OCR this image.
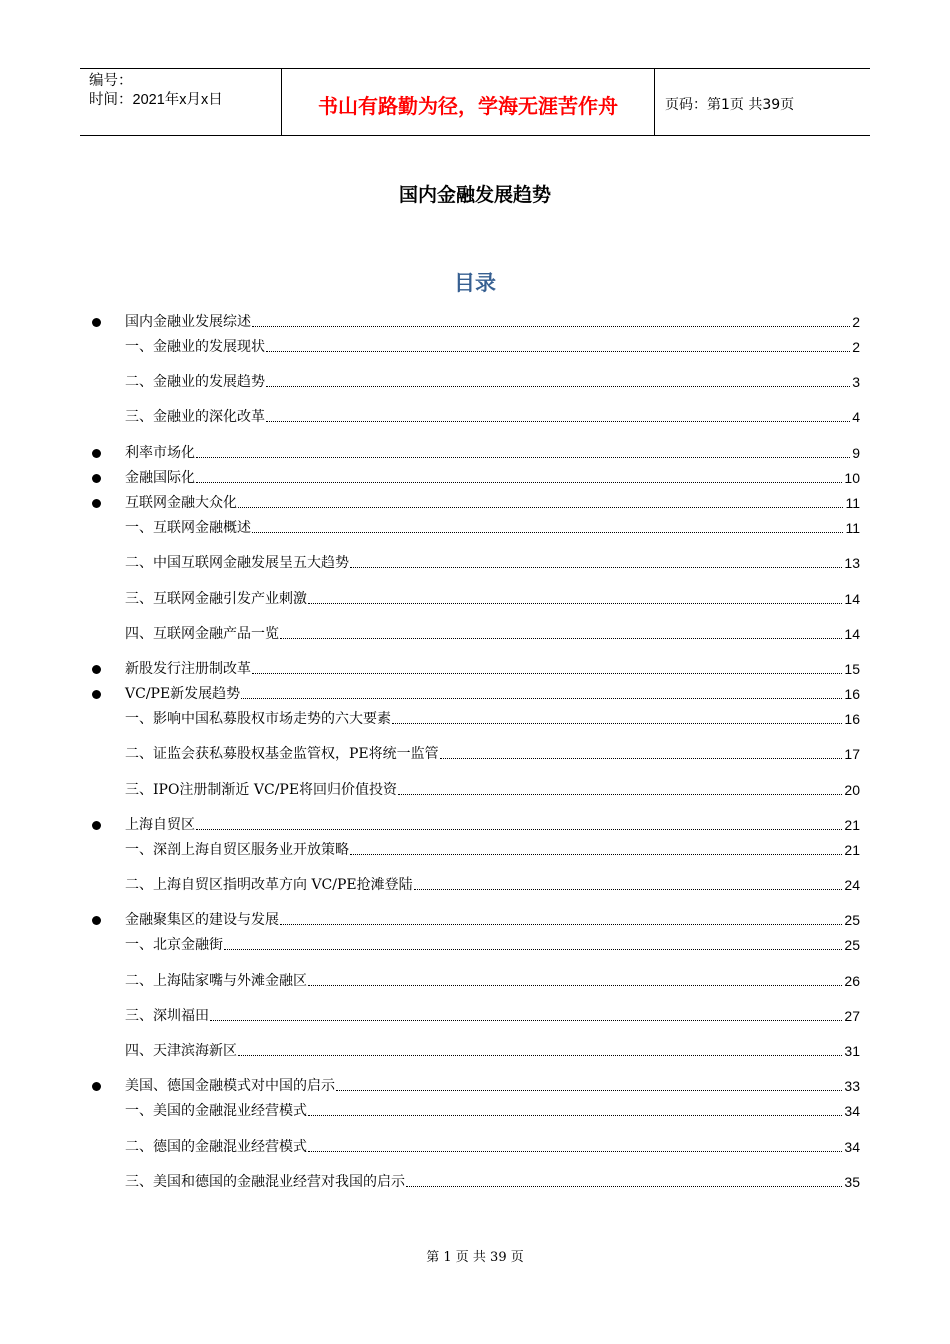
编号：
时间：2021年x月x日	书山有路勤为径，学海无涯苦作舟	页码：第1页 共39页
国内金融发展趋势
目录
国内金融业发展综述	2
一、金融业的发展现状	2
二、金融业的发展趋势	3
三、金融业的深化改革	4
利率市场化	9
金融国际化	10
互联网金融大众化	11
一、互联网金融概述	11
二、中国互联网金融发展呈五大趋势	13
三、互联网金融引发产业刺激	14
四、互联网金融产品一览	14
新股发行注册制改革	15
VC/PE新发展趋势	16
一、影响中国私募股权市场走势的六大要素	16
二、证监会获私募股权基金监管权，PE将统一监管	17
三、IPO注册制渐近 VC/PE将回归价值投资	20
上海自贸区	21
一、深剖上海自贸区服务业开放策略	21
二、上海自贸区指明改革方向 VC/PE抢滩登陆	24
金融聚集区的建设与发展	25
一、北京金融街	25
二、上海陆家嘴与外滩金融区	26
三、深圳福田	27
四、天津滨海新区	31
美国、德国金融模式对中国的启示	33
一、美国的金融混业经营模式	34
二、德国的金融混业经营模式	34
三、美国和德国的金融混业经营对我国的启示	35
第 1 页 共 39 页
